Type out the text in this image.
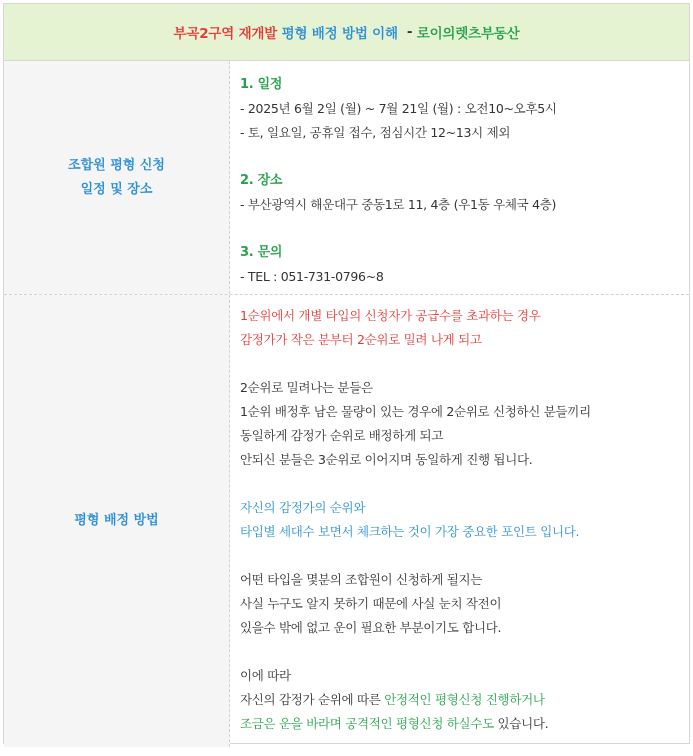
부곡2구역
재개발
평형 배정 방법 이해
-
로이의렛츠부동산
조합원 평형 신청
일정 및 장소
1. 일정
- 2025년 6월 2일 (월) ~ 7월 21일 (월) : 오전10~오후5시
- 토, 일요일, 공휴일 접수, 점심시간 12~13시 제외
2. 장소
- 부산광역시 해운대구 중동1로 11, 4층 (우1동 우체국 4층)
3. 문의
- TEL : 051-731-0796~8
평형 배정 방법
1순위에서 개별 타입의 신청자가 공급수를 초과하는 경우
감정가가 작은 분부터 2순위로 밀려 나게 되고
2순위로 밀려나는 분들은
1순위 배정후 남은 물량이 있는 경우에 2순위로 신청하신 분들끼리
동일하게 감정가 순위로 배정하게 되고
안되신 분들은 3순위로 이어지며 동일하게 진행 됩니다.
자신의 감정가의 순위와
타입별 세대수 보면서 체크하는 것이 가장 중요한 포인트 입니다.
어떤 타입을 몇분의 조합원이 신청하게 될지는
사실 누구도 알지 못하기 때문에 사실 눈치 작전이
있을수 밖에 없고 운이 필요한 부분이기도 합니다.
이에 따라
자신의 감정가 순위에 따른 안정적인 평형신청 진행하거나
조금은 운을 바라며 공격적인 평형신청 하실수도 있습니다.
